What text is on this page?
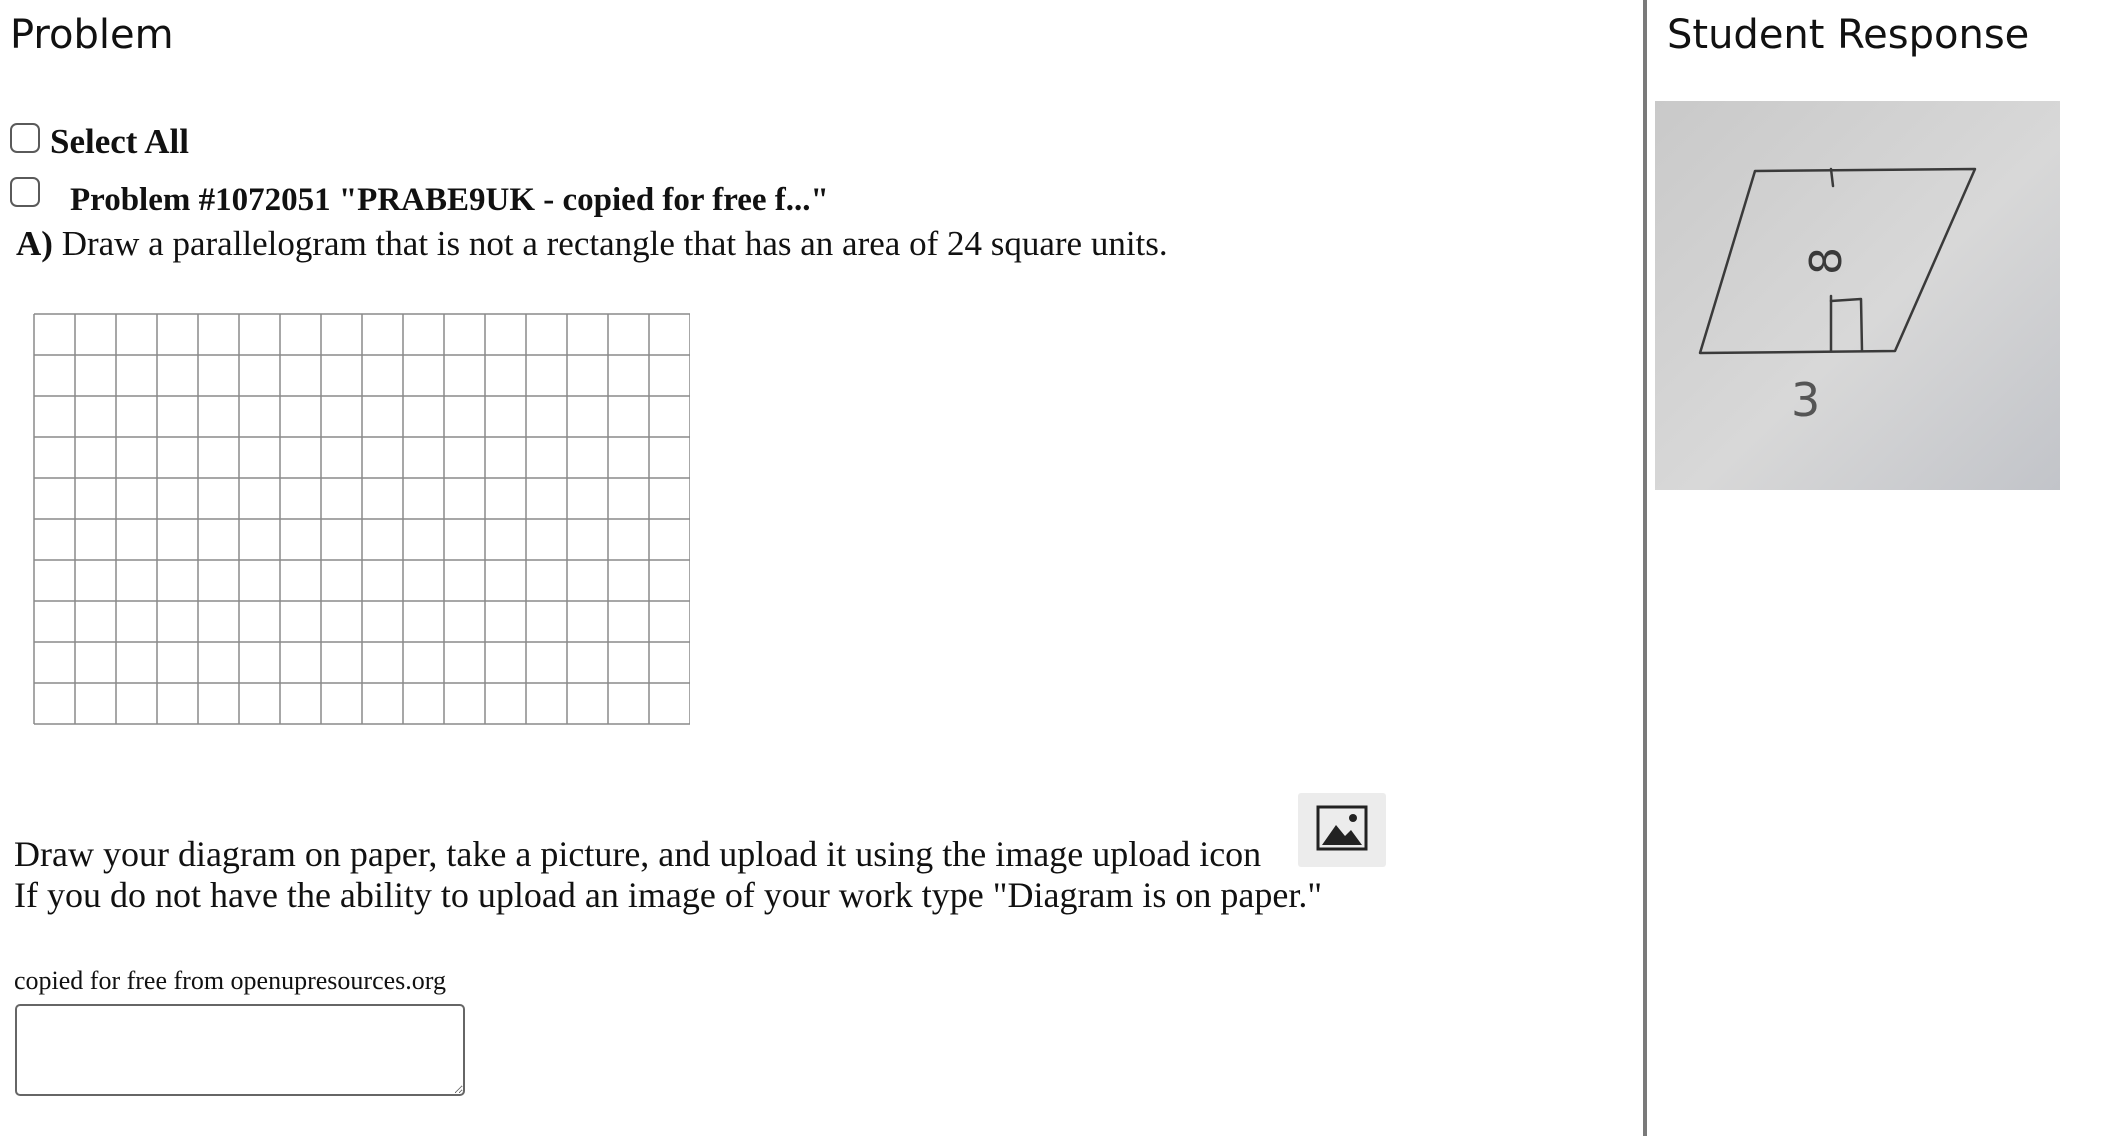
Problem	Student Response
Select All
Problem #1072051 "PRABE9UK - copied for free f..."
A) Draw a parallelogram that is not a rectangle that has an area of 24 square units.
Draw your diagram on paper, take a picture, and upload it using the image upload icon
If you do not have the ability to upload an image of your work type "Diagram is on paper."
copied for free from openupresources.org
8
3
